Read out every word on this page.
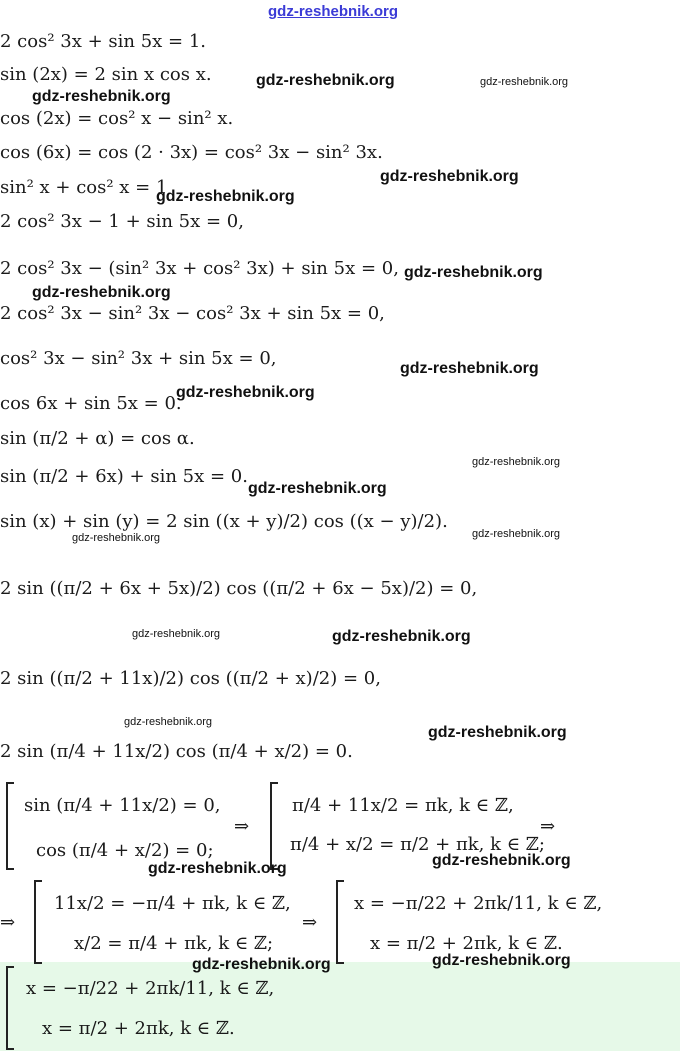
2 cos² 3x + sin 5x = 1.
sin (2x) = 2 sin x cos x.
cos (2x) = cos² x − sin² x.
cos (6x) = cos (2 · 3x) = cos² 3x − sin² 3x.
sin² x + cos² x = 1
2 cos² 3x − 1 + sin 5x = 0,
2 cos² 3x − (sin² 3x + cos² 3x) + sin 5x = 0,
2 cos² 3x − sin² 3x − cos² 3x + sin 5x = 0,
cos² 3x − sin² 3x + sin 5x = 0,
cos 6x + sin 5x = 0.
sin (π/2 + α) = cos α.
sin (π/2 + 6x) + sin 5x = 0.
sin (x) + sin (y) = 2 sin ((x + y)/2) cos ((x − y)/2).
2 sin ((π/2 + 6x + 5x)/2) cos ((π/2 + 6x − 5x)/2) = 0,
2 sin ((π/2 + 11x)/2) cos ((π/2 + x)/2) = 0,
2 sin (π/4 + 11x/2) cos (π/4 + x/2) = 0.
sin (π/4 + 11x/2) = 0,
cos (π/4 + x/2) = 0;
⇒
π/4 + 11x/2 = πk, k ∈ ℤ,
π/4 + x/2 = π/2 + πk, k ∈ ℤ;
⇒
⇒
11x/2 = −π/4 + πk, k ∈ ℤ,
x/2 = π/4 + πk, k ∈ ℤ;
⇒
x = −π/22 + 2πk/11, k ∈ ℤ,
x = π/2 + 2πk, k ∈ ℤ.
x = −π/22 + 2πk/11, k ∈ ℤ,
x = π/2 + 2πk, k ∈ ℤ.
gdz-reshebnik.org
gdz-reshebnik.org	gdz-reshebnik.org
gdz-reshebnik.org
gdz-reshebnik.org
gdz-reshebnik.org
gdz-reshebnik.org
gdz-reshebnik.org
gdz-reshebnik.org
gdz-reshebnik.org
gdz-reshebnik.org
gdz-reshebnik.org
gdz-reshebnik.org
gdz-reshebnik.org
gdz-reshebnik.org	gdz-reshebnik.org
gdz-reshebnik.org
gdz-reshebnik.org
gdz-reshebnik.org	gdz-reshebnik.org
gdz-reshebnik.org	gdz-reshebnik.org
